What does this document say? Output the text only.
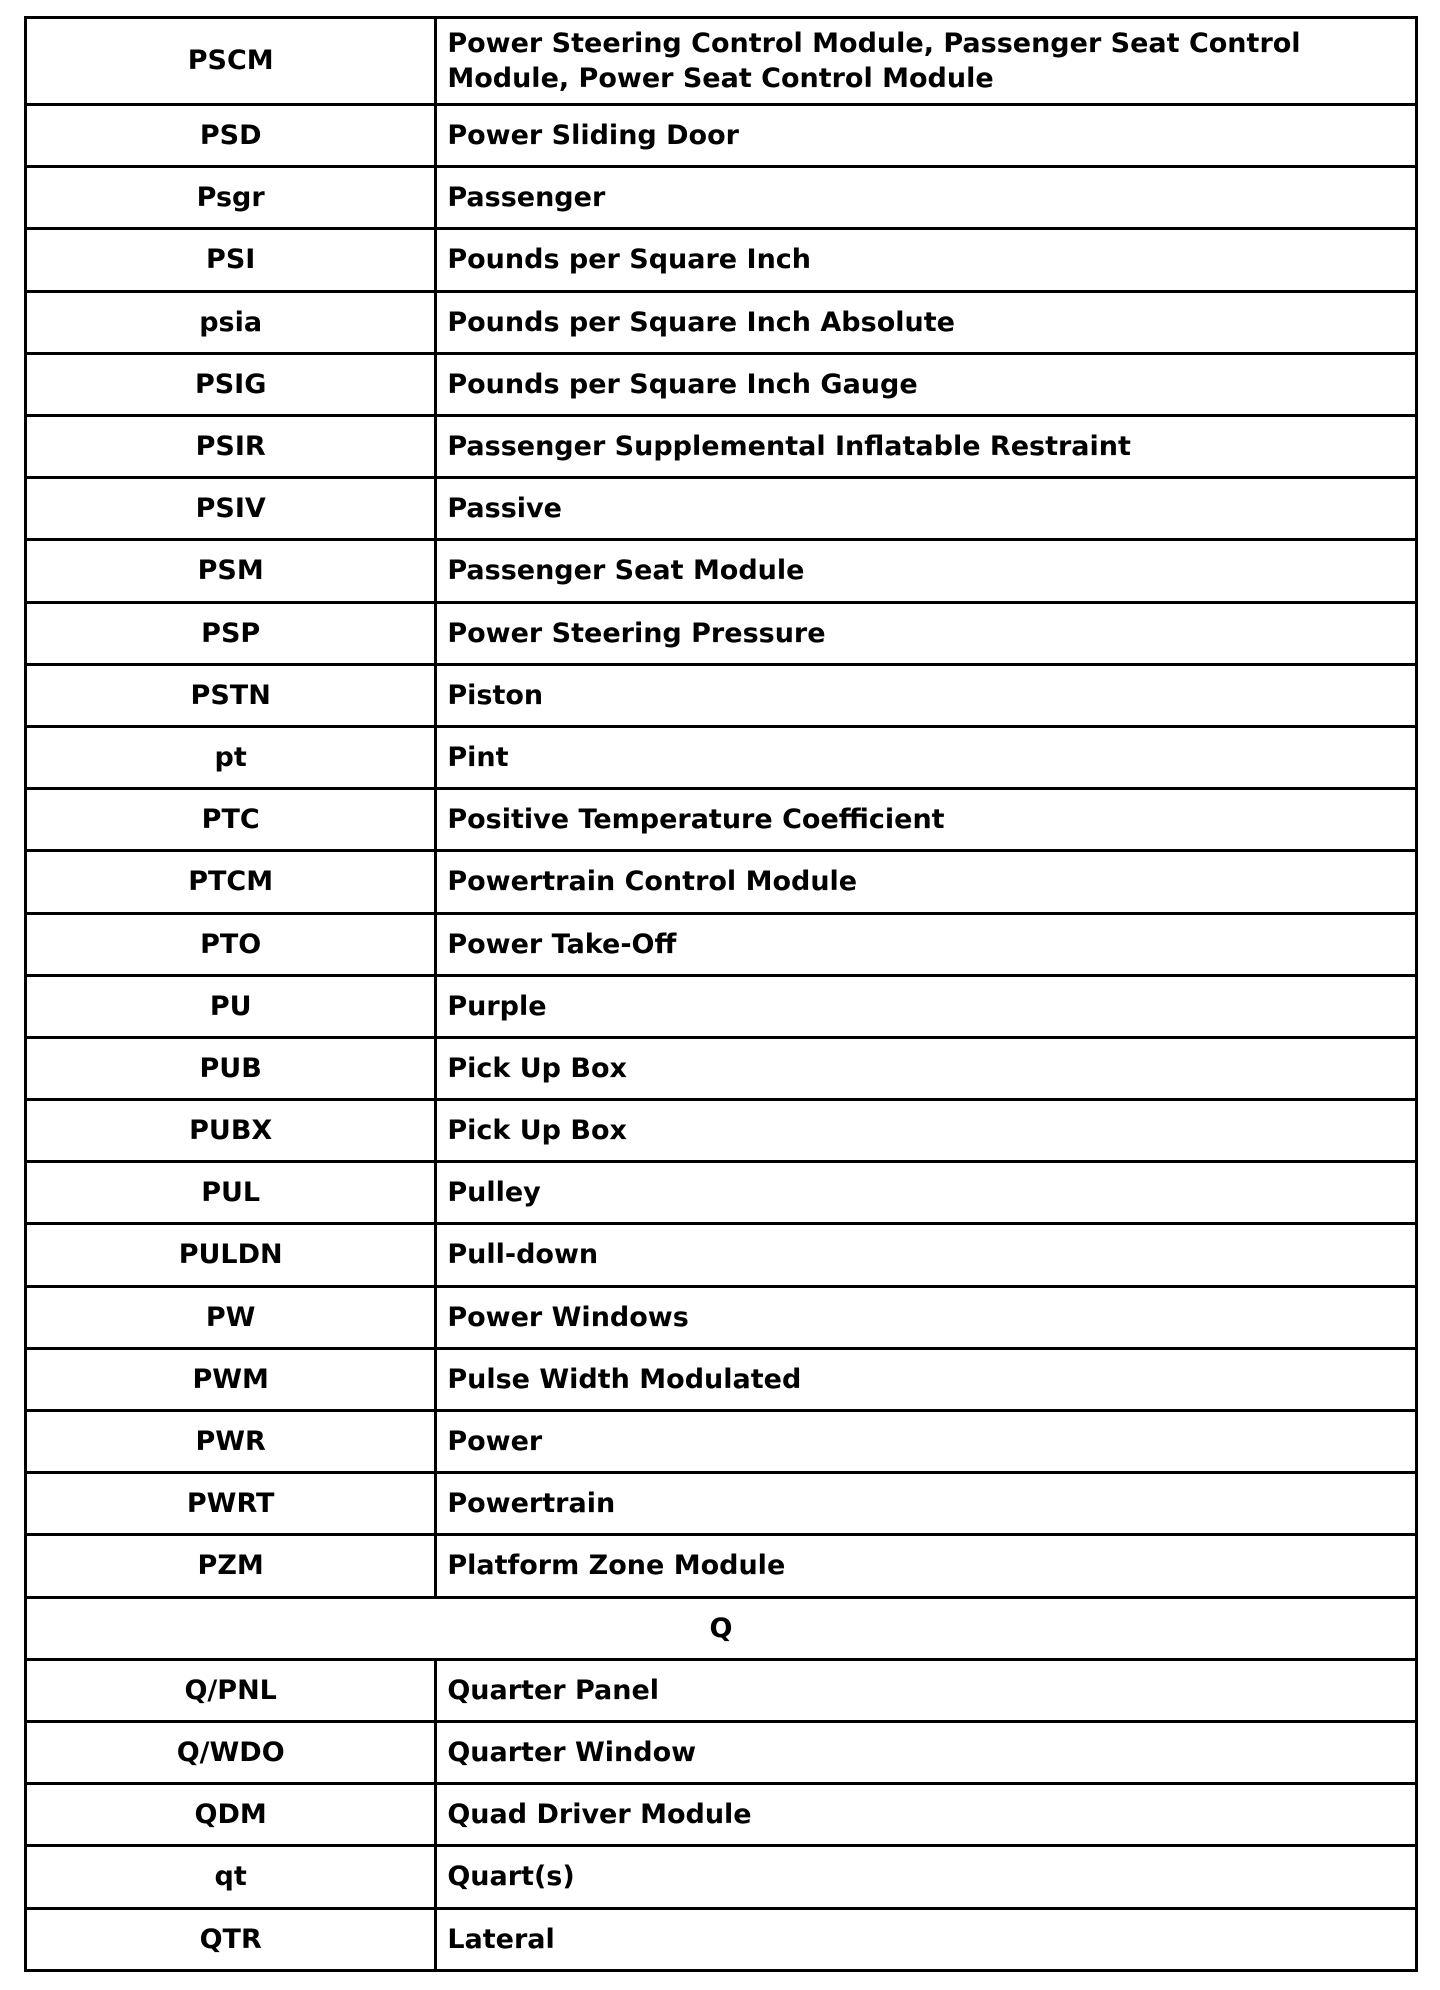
PSCM	Power Steering Control Module, Passenger Seat Control Module, Power Seat Control Module
PSD	Power Sliding Door
Psgr	Passenger
PSI	Pounds per Square Inch
psia	Pounds per Square Inch Absolute
PSIG	Pounds per Square Inch Gauge
PSIR	Passenger Supplemental Inflatable Restraint
PSIV	Passive
PSM	Passenger Seat Module
PSP	Power Steering Pressure
PSTN	Piston
pt	Pint
PTC	Positive Temperature Coefficient
PTCM	Powertrain Control Module
PTO	Power Take-Off
PU	Purple
PUB	Pick Up Box
PUBX	Pick Up Box
PUL	Pulley
PULDN	Pull-down
PW	Power Windows
PWM	Pulse Width Modulated
PWR	Power
PWRT	Powertrain
PZM	Platform Zone Module
Q	
Q/PNL	Quarter Panel
Q/WDO	Quarter Window
QDM	Quad Driver Module
qt	Quart(s)
QTR	Lateral
